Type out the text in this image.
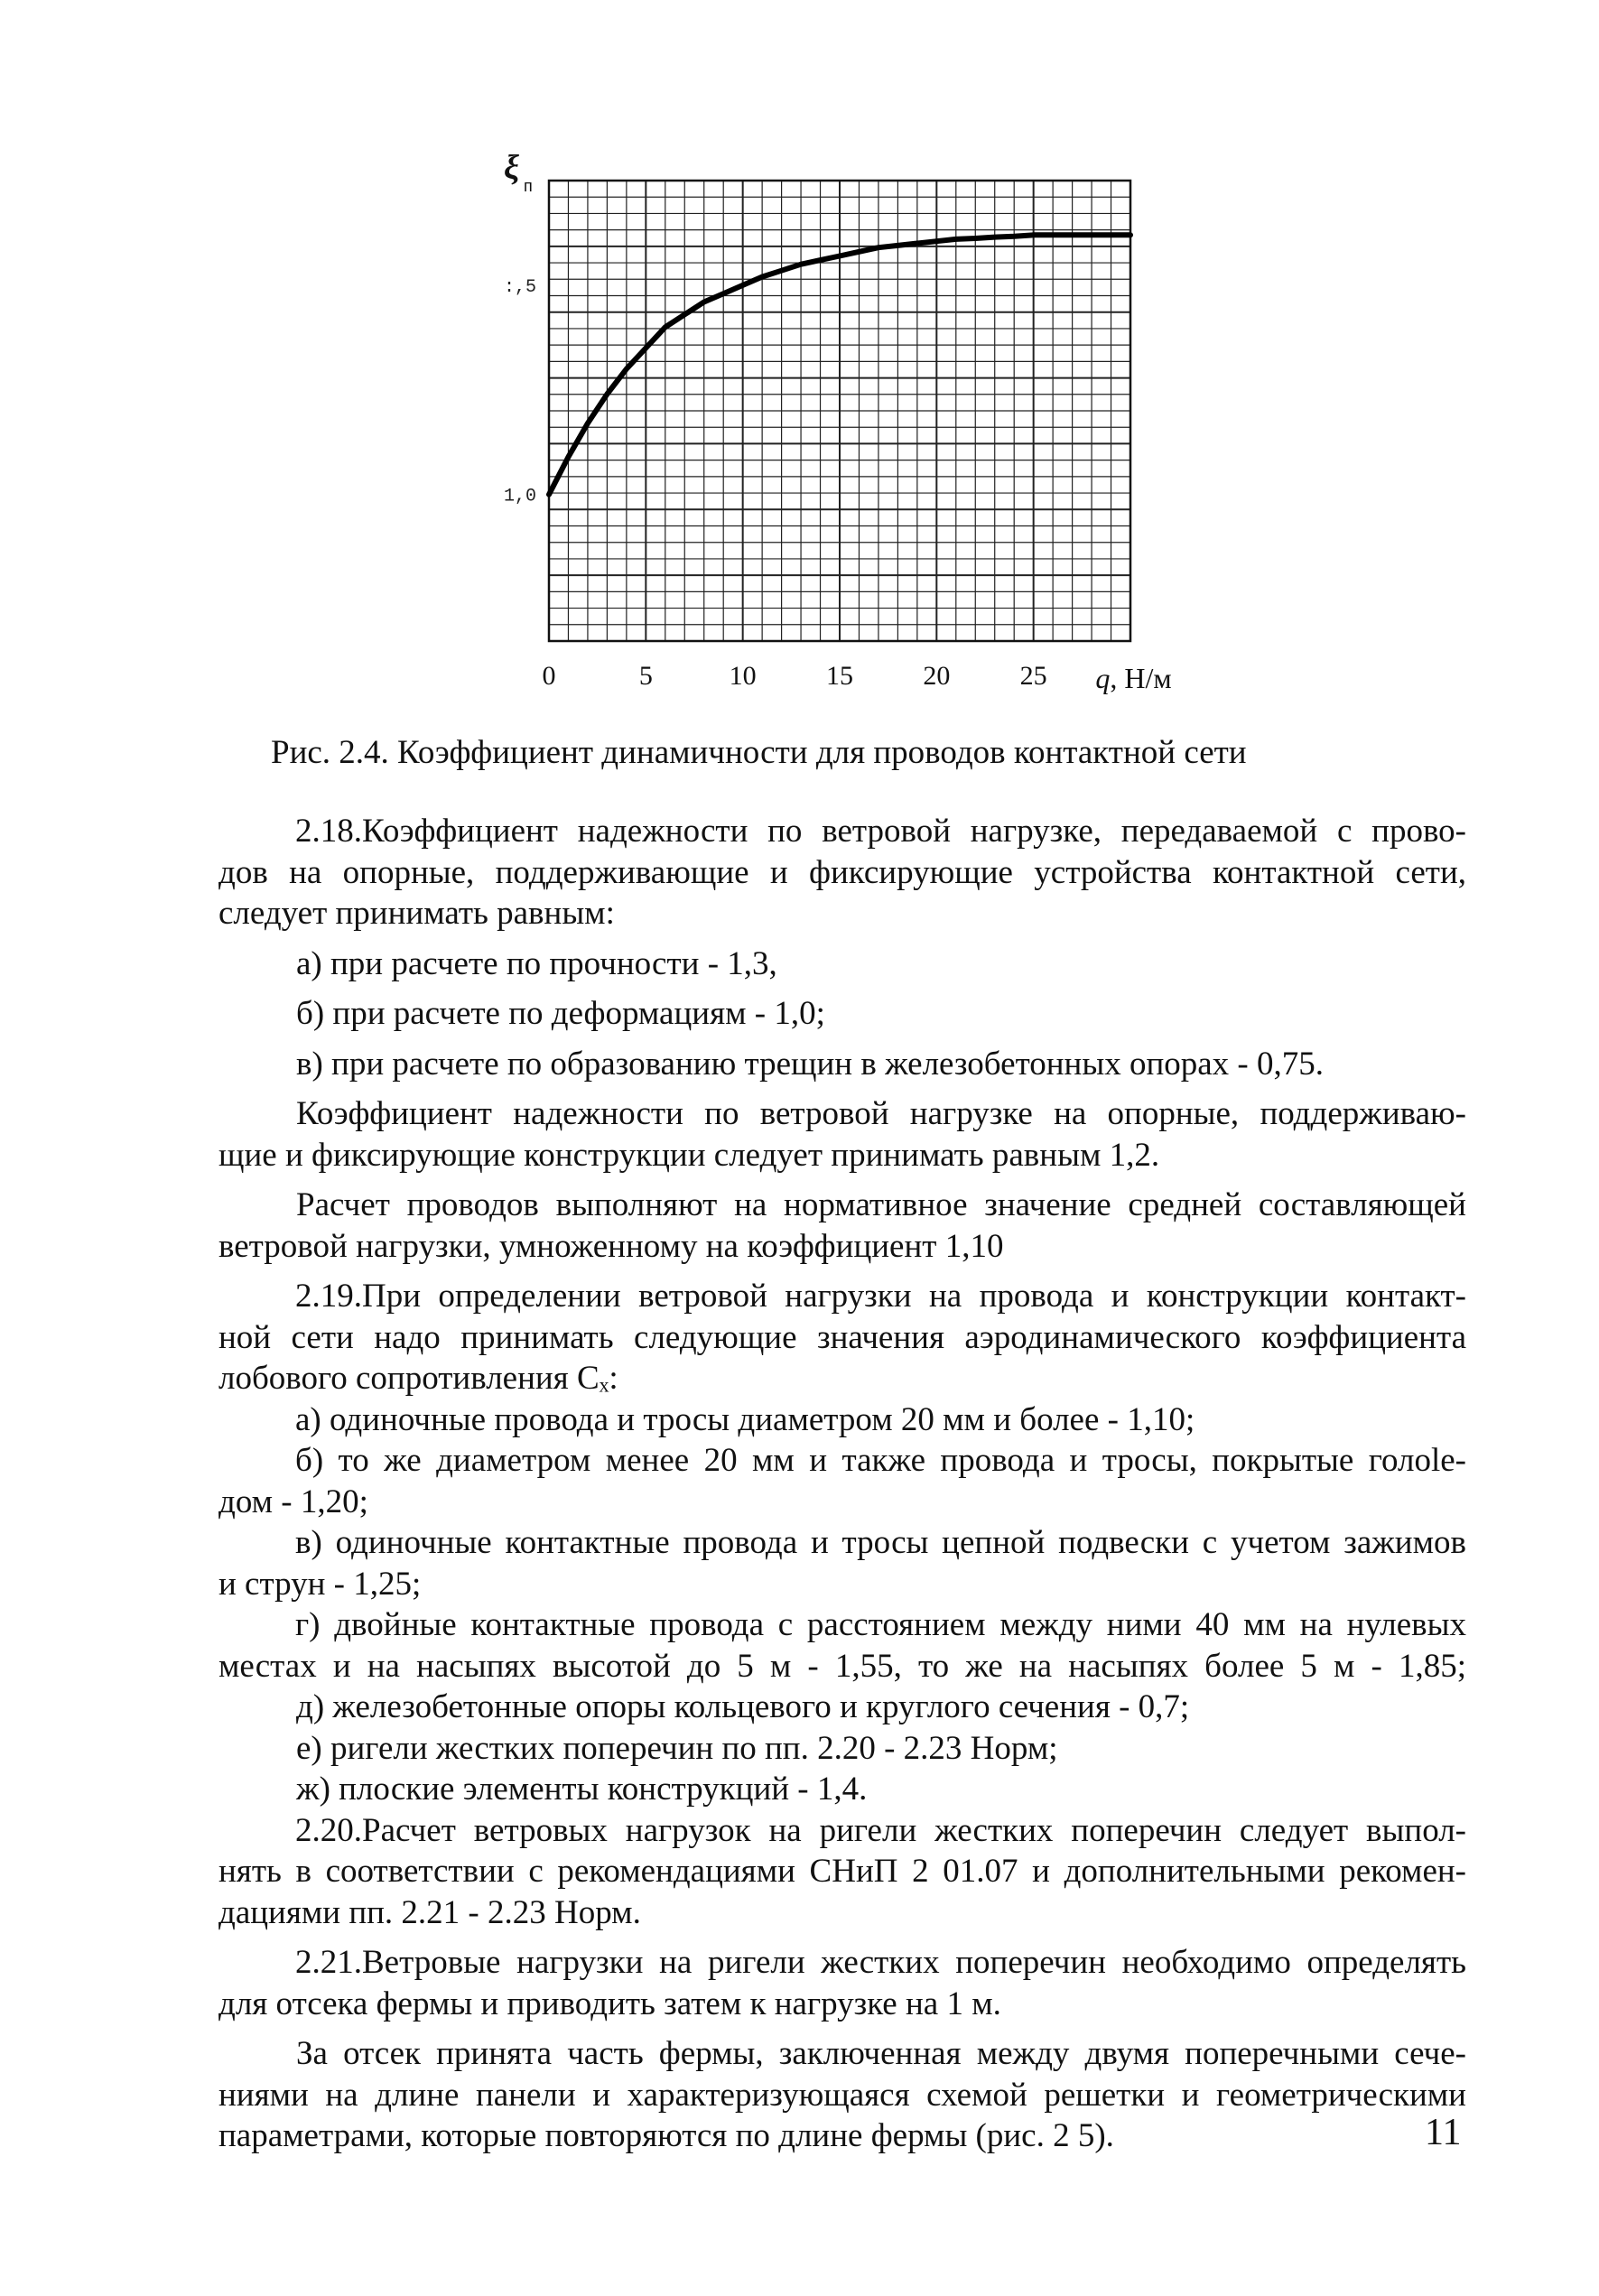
0	5	10	15	20	25 q, Н/м
1,0
:,5
ξ п
Рис. 2.4. Коэффициент динамичности для проводов контактной сети
2.18.Коэффициент надежности по ветровой нагрузке, передаваемой с прово-
дов на опорные, поддерживающие и фиксирующие устройства контактной сети,
следует принимать равным:
а) при расчете по прочности - 1,3,
б) при расчете по деформациям - 1,0;
в) при расчете по образованию трещин в железобетонных опорах - 0,75.
Коэффициент надежности по ветровой нагрузке на опорные, поддерживаю-
щие и фиксирующие конструкции следует принимать равным 1,2.
Расчет проводов выполняют на нормативное значение средней составляющей
ветровой нагрузки, умноженному на коэффициент 1,10
2.19.При определении ветровой нагрузки на провода и конструкции контакт-
ной сети надо принимать следующие значения аэродинамического коэффициента
лобового сопротивления Сₓ:
а) одиночные провода и тросы диаметром 20 мм и более - 1,10;
б) то же диаметром менее 20 мм и также провода и тросы, покрытые голole-
дом - 1,20;
в) одиночные контактные провода и тросы цепной подвески с учетом зажимов
и струн - 1,25;
г) двойные контактные провода с расстоянием между ними 40 мм на нулевых
местах и на насыпях высотой до 5 м - 1,55, то же на насыпях более 5 м - 1,85;
д) железобетонные опоры кольцевого и круглого сечения - 0,7;
е) ригели жестких поперечин по пп. 2.20 - 2.23 Норм;
ж) плоские элементы конструкций - 1,4.
2.20.Расчет ветровых нагрузок на ригели жестких поперечин следует выпол-
нять в соответствии с рекомендациями СНиП 2 01.07 и дополнительными рекомен-
дациями пп. 2.21 - 2.23 Норм.
2.21.Ветровые нагрузки на ригели жестких поперечин необходимо определять
для отсека фермы и приводить затем к нагрузке на 1 м.
За отсек принята часть фермы, заключенная между двумя поперечными сече-
ниями на длине панели и характеризующаяся схемой решетки и геометрическими
параметрами, которые повторяются по длине фермы (рис. 2 5).	11
